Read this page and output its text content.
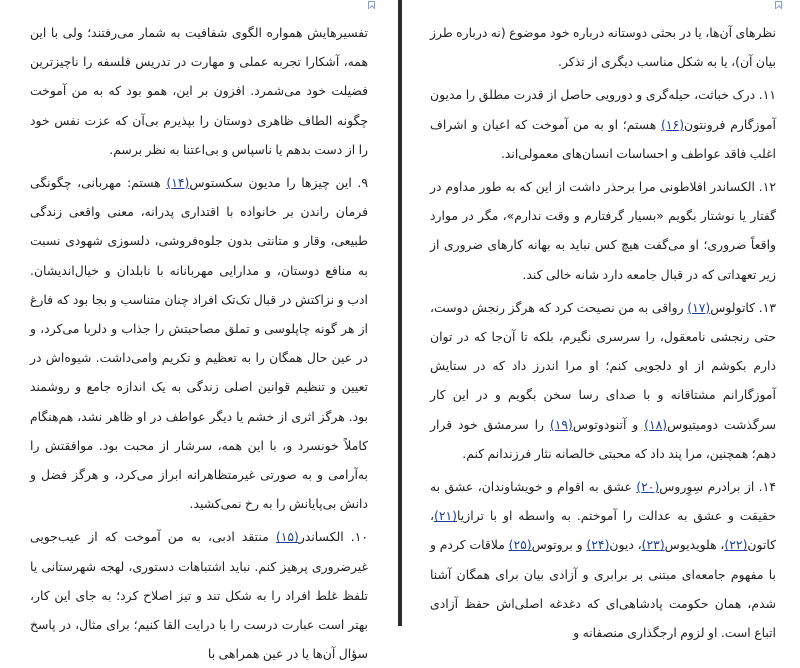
تفسیرهایش همواره الگوی شفافیت به شمار می‌رفتند؛ ولی با این همه، آشکارا تجربه عملی و مهارت در تدریس فلسفه را ناچیزترین فضیلت خود می‌شمرد. افزون بر این، همو بود که به من آموخت چگونه الطاف ظاهری دوستان را بپذیرم بی‌آن که عزت نفس خود را از دست بدهم یا ناسپاس و بی‌اعتنا به نظر برسم.

۹. این چیزها را مدیون سکستوس(۱۴) هستم: مهربانی، چگونگی فرمان راندن بر خانواده با اقتداری پدرانه، معنی واقعی زندگی طبیعی، وقار و متانتی بدون جلوه‌فروشی، دلسوزی شهودی نسبت به منافع دوستان، و مدارایی مهربانانه با نابلدان و خیال‌اندیشان. ادب و نزاکتش در قبال تک‌تک افراد چنان متناسب و بجا بود که فارغ از هر گونه چاپلوسی و تملق مصاحبتش را جذاب و دلربا می‌کرد، و در عین حال همگان را به تعظیم و تکریم وامی‌داشت. شیوه‌اش در تعیین و تنظیم قوانین اصلی زندگی به یک اندازه جامع و روشمند بود. هرگز اثری از خشم یا دیگر عواطف در او ظاهر نشد، هم‌هنگام کاملاً خونسرد و، با این همه، سرشار از محبت بود. موافقتش را به‌آرامی و به صورتی غیرمتظاهرانه ابراز می‌کرد، و هرگز فضل و دانش بی‌پایانش را به رخ نمی‌کشید.

۱۰. الکساندر(۱۵) منتقد ادبی، به من آموخت که از عیب‌جویی غیرضروری پرهیز کنم. نباید اشتباهات دستوری، لهجه شهرستانی یا تلفظ غلط افراد را به شکل تند و تیز اصلاح کرد؛ به جای این کار، بهتر است عبارت درست را با درایت القا کنیم؛ برای مثال، در پاسخ سؤال آن‌ها یا در عین همراهی با

نظرهای آن‌ها، یا در بحثی دوستانه درباره خود موضوع (نه درباره طرز بیان آن)، یا به شکل مناسب دیگری از تذکر.

۱۱. درک خباثت، حیله‌گری و دورویی حاصل از قدرت مطلق را مدیون آموزگارم فرونتون(۱۶) هستم؛ او به من آموخت که اعیان و اشراف اغلب فاقد عواطف و احساسات انسان‌های معمولی‌اند.

۱۲. الکساندر افلاطونی مرا برحذر داشت از این که به طور مداوم در گفتار یا نوشتار بگویم «بسیار گرفتارم و وقت ندارم»، مگر در موارد واقعاً ضروری؛ او می‌گفت هیچ کس نباید به بهانه کارهای ضروری از زیر تعهداتی که در قبال جامعه دارد شانه خالی کند.

۱۳. کاتولوس(۱۷) رواقی به من نصیحت کرد که هرگز رنجش دوست، حتی رنجشی نامعقول، را سرسری نگیرم، بلکه تا آن‌جا که در توان دارم بکوشم از او دلجویی کنم؛ او مرا اندرز داد که در ستایش آموزگارانم مشتاقانه و با صدای رسا سخن بگویم و در این کار سرگذشت دومیتیوس(۱۸) و آتنودوتوس(۱۹) را سرمشق خود قرار دهم؛ همچنین، مرا پند داد که محبتی خالصانه نثار فرزندانم کنم.

۱۴. از برادرم سِوِروس(۲۰) عشق به اقوام و خویشاوندان، عشق به حقیقت و عشق به عدالت را آموختم. به واسطه او با ترازیا(۲۱)، کاتون(۲۲)، هلویدیوس(۲۳)، دیون(۲۴) و بروتوس(۲۵) ملاقات کردم و با مفهوم جامعه‌ای مبتنی بر برابری و آزادی بیان برای همگان آشنا شدم، همان حکومت پادشاهی‌ای که دغدغه اصلی‌اش حفظ آزادی اتباع است. او لزوم ارجگذاری منصفانه و
